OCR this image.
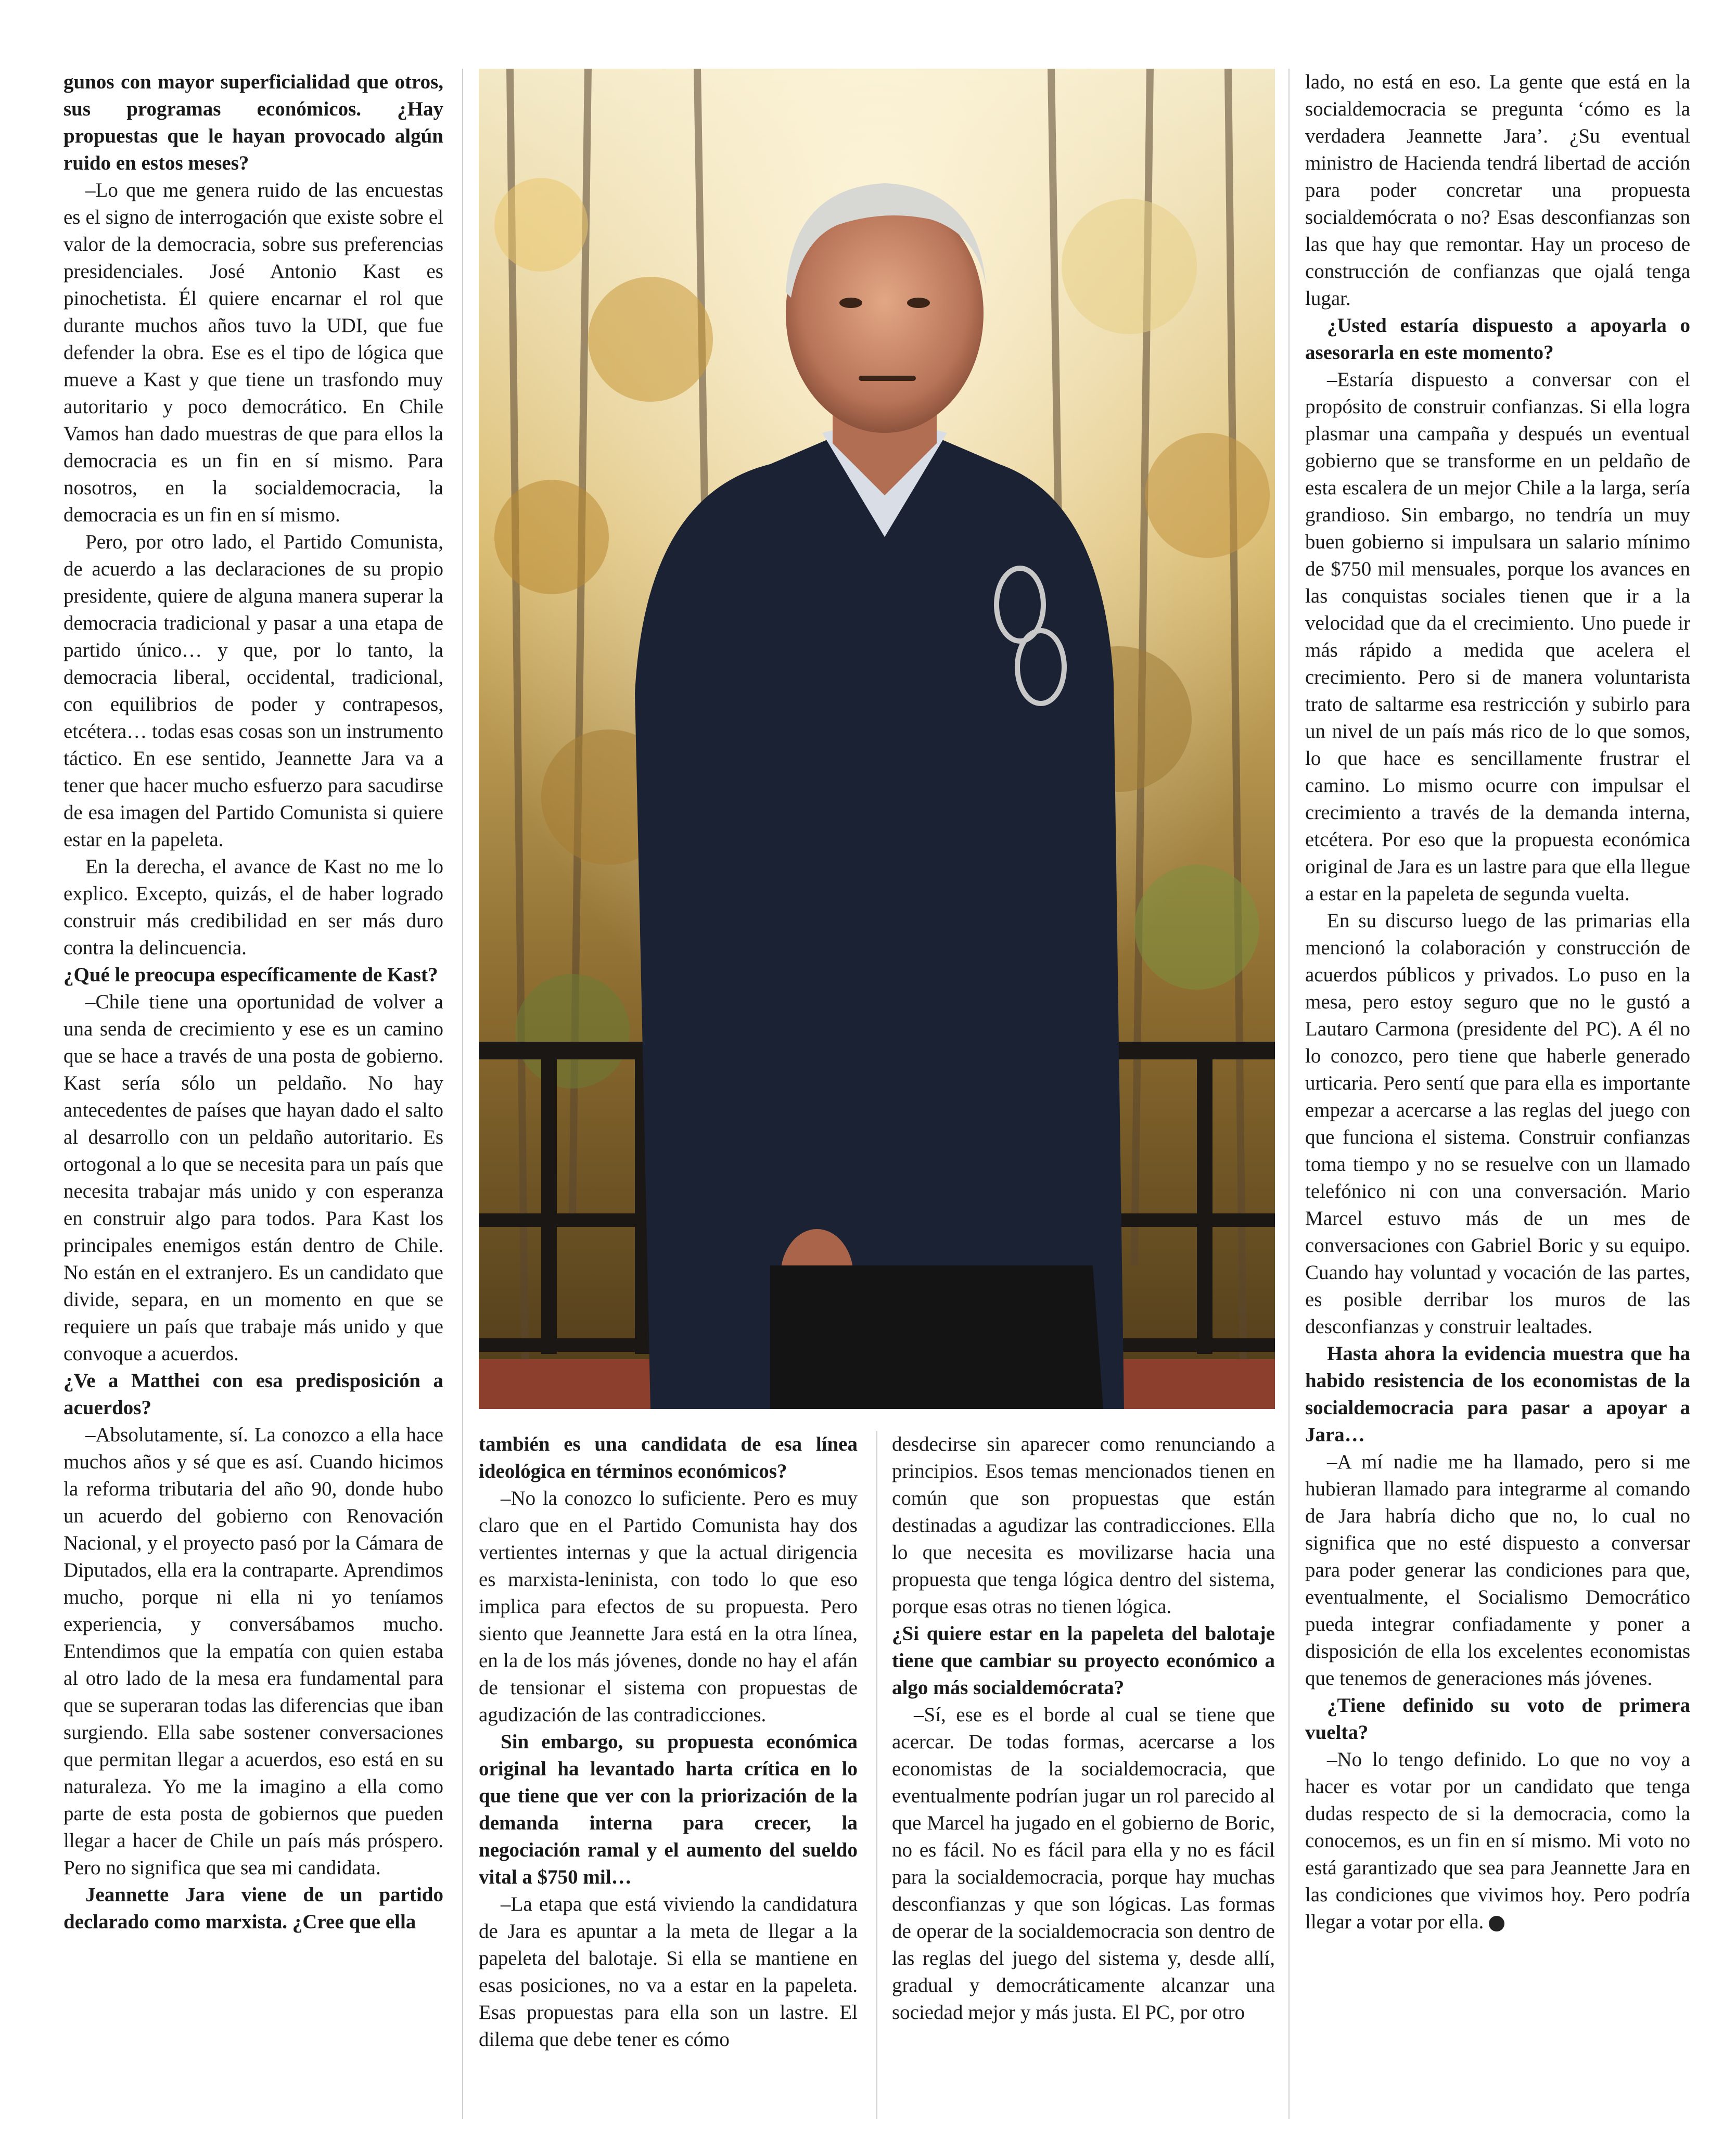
gunos con mayor superficialidad que otros, sus programas económicos. ¿Hay propuestas que le hayan provocado algún ruido en estos meses?

–Lo que me genera ruido de las encuestas es el signo de interrogación que existe sobre el valor de la democracia, sobre sus preferencias presidenciales. José Antonio Kast es pinochetista. Él quiere encarnar el rol que durante muchos años tuvo la UDI, que fue defender la obra. Ese es el tipo de lógica que mueve a Kast y que tiene un trasfondo muy autoritario y poco democrático. En Chile Vamos han dado muestras de que para ellos la democracia es un fin en sí mismo. Para nosotros, en la socialdemocracia, la democracia es un fin en sí mismo.

Pero, por otro lado, el Partido Comunista, de acuerdo a las declaraciones de su propio presidente, quiere de alguna manera superar la democracia tradicional y pasar a una etapa de partido único… y que, por lo tanto, la democracia liberal, occidental, tradicional, con equilibrios de poder y contrapesos, etcétera… todas esas cosas son un instrumento táctico. En ese sentido, Jeannette Jara va a tener que hacer mucho esfuerzo para sacudirse de esa imagen del Partido Comunista si quiere estar en la papeleta.

En la derecha, el avance de Kast no me lo explico. Excepto, quizás, el de haber logrado construir más credibilidad en ser más duro contra la delincuencia.

¿Qué le preocupa específicamente de Kast?

–Chile tiene una oportunidad de volver a una senda de crecimiento y ese es un camino que se hace a través de una posta de gobierno. Kast sería sólo un peldaño. No hay antecedentes de países que hayan dado el salto al desarrollo con un peldaño autoritario. Es ortogonal a lo que se necesita para un país que necesita trabajar más unido y con esperanza en construir algo para todos. Para Kast los principales enemigos están dentro de Chile. No están en el extranjero. Es un candidato que divide, separa, en un momento en que se requiere un país que trabaje más unido y que convoque a acuerdos.

¿Ve a Matthei con esa predisposición a acuerdos?

–Absolutamente, sí. La conozco a ella hace muchos años y sé que es así. Cuando hicimos la reforma tributaria del año 90, donde hubo un acuerdo del gobierno con Renovación Nacional, y el proyecto pasó por la Cámara de Diputados, ella era la contraparte. Aprendimos mucho, porque ni ella ni yo teníamos experiencia, y conversábamos mucho. Entendimos que la empatía con quien estaba al otro lado de la mesa era fundamental para que se superaran todas las diferencias que iban surgiendo. Ella sabe sostener conversaciones que permitan llegar a acuerdos, eso está en su naturaleza. Yo me la imagino a ella como parte de esta posta de gobiernos que pueden llegar a hacer de Chile un país más próspero. Pero no significa que sea mi candidata.

Jeannette Jara viene de un partido declarado como marxista. ¿Cree que ella

también es una candidata de esa línea ideológica en términos económicos?

–No la conozco lo suficiente. Pero es muy claro que en el Partido Comunista hay dos vertientes internas y que la actual dirigencia es marxista-leninista, con todo lo que eso implica para efectos de su propuesta. Pero siento que Jeannette Jara está en la otra línea, en la de los más jóvenes, donde no hay el afán de tensionar el sistema con propuestas de agudización de las contradicciones.

Sin embargo, su propuesta económica original ha levantado harta crítica en lo que tiene que ver con la priorización de la demanda interna para crecer, la negociación ramal y el aumento del sueldo vital a $750 mil…

–La etapa que está viviendo la candidatura de Jara es apuntar a la meta de llegar a la papeleta del balotaje. Si ella se mantiene en esas posiciones, no va a estar en la papeleta. Esas propuestas para ella son un lastre. El dilema que debe tener es cómo

desdecirse sin aparecer como renunciando a principios. Esos temas mencionados tienen en común que son propuestas que están destinadas a agudizar las contradicciones. Ella lo que necesita es movilizarse hacia una propuesta que tenga lógica dentro del sistema, porque esas otras no tienen lógica.

¿Si quiere estar en la papeleta del balotaje tiene que cambiar su proyecto económico a algo más socialdemócrata?

–Sí, ese es el borde al cual se tiene que acercar. De todas formas, acercarse a los economistas de la socialdemocracia, que eventualmente podrían jugar un rol parecido al que Marcel ha jugado en el gobierno de Boric, no es fácil. No es fácil para ella y no es fácil para la socialdemocracia, porque hay muchas desconfianzas y que son lógicas. Las formas de operar de la socialdemocracia son dentro de las reglas del juego del sistema y, desde allí, gradual y democráticamente alcanzar una sociedad mejor y más justa. El PC, por otro

lado, no está en eso. La gente que está en la socialdemocracia se pregunta ‘cómo es la verdadera Jeannette Jara’. ¿Su eventual ministro de Hacienda tendrá libertad de acción para poder concretar una propuesta socialdemócrata o no? Esas desconfianzas son las que hay que remontar. Hay un proceso de construcción de confianzas que ojalá tenga lugar.

¿Usted estaría dispuesto a apoyarla o asesorarla en este momento?

–Estaría dispuesto a conversar con el propósito de construir confianzas. Si ella logra plasmar una campaña y después un eventual gobierno que se transforme en un peldaño de esta escalera de un mejor Chile a la larga, sería grandioso. Sin embargo, no tendría un muy buen gobierno si impulsara un salario mínimo de $750 mil mensuales, porque los avances en las conquistas sociales tienen que ir a la velocidad que da el crecimiento. Uno puede ir más rápido a medida que acelera el crecimiento. Pero si de manera voluntarista trato de saltarme esa restricción y subirlo para un nivel de un país más rico de lo que somos, lo que hace es sencillamente frustrar el camino. Lo mismo ocurre con impulsar el crecimiento a través de la demanda interna, etcétera. Por eso que la propuesta económica original de Jara es un lastre para que ella llegue a estar en la papeleta de segunda vuelta.

En su discurso luego de las primarias ella mencionó la colaboración y construcción de acuerdos públicos y privados. Lo puso en la mesa, pero estoy seguro que no le gustó a Lautaro Carmona (presidente del PC). A él no lo conozco, pero tiene que haberle generado urticaria. Pero sentí que para ella es importante empezar a acercarse a las reglas del juego con que funciona el sistema. Construir confianzas toma tiempo y no se resuelve con un llamado telefónico ni con una conversación. Mario Marcel estuvo más de un mes de conversaciones con Gabriel Boric y su equipo. Cuando hay voluntad y vocación de las partes, es posible derribar los muros de las desconfianzas y construir lealtades.

Hasta ahora la evidencia muestra que ha habido resistencia de los economistas de la socialdemocracia para pasar a apoyar a Jara…

–A mí nadie me ha llamado, pero si me hubieran llamado para integrarme al comando de Jara habría dicho que no, lo cual no significa que no esté dispuesto a conversar para poder generar las condiciones para que, eventualmente, el Socialismo Democrático pueda integrar confiadamente y poner a disposición de ella los excelentes economistas que tenemos de generaciones más jóvenes.

¿Tiene definido su voto de primera vuelta?

–No lo tengo definido. Lo que no voy a hacer es votar por un candidato que tenga dudas respecto de si la democracia, como la conocemos, es un fin en sí mismo. Mi voto no está garantizado que sea para Jeannette Jara en las condiciones que vivimos hoy. Pero podría llegar a votar por ella.	P
